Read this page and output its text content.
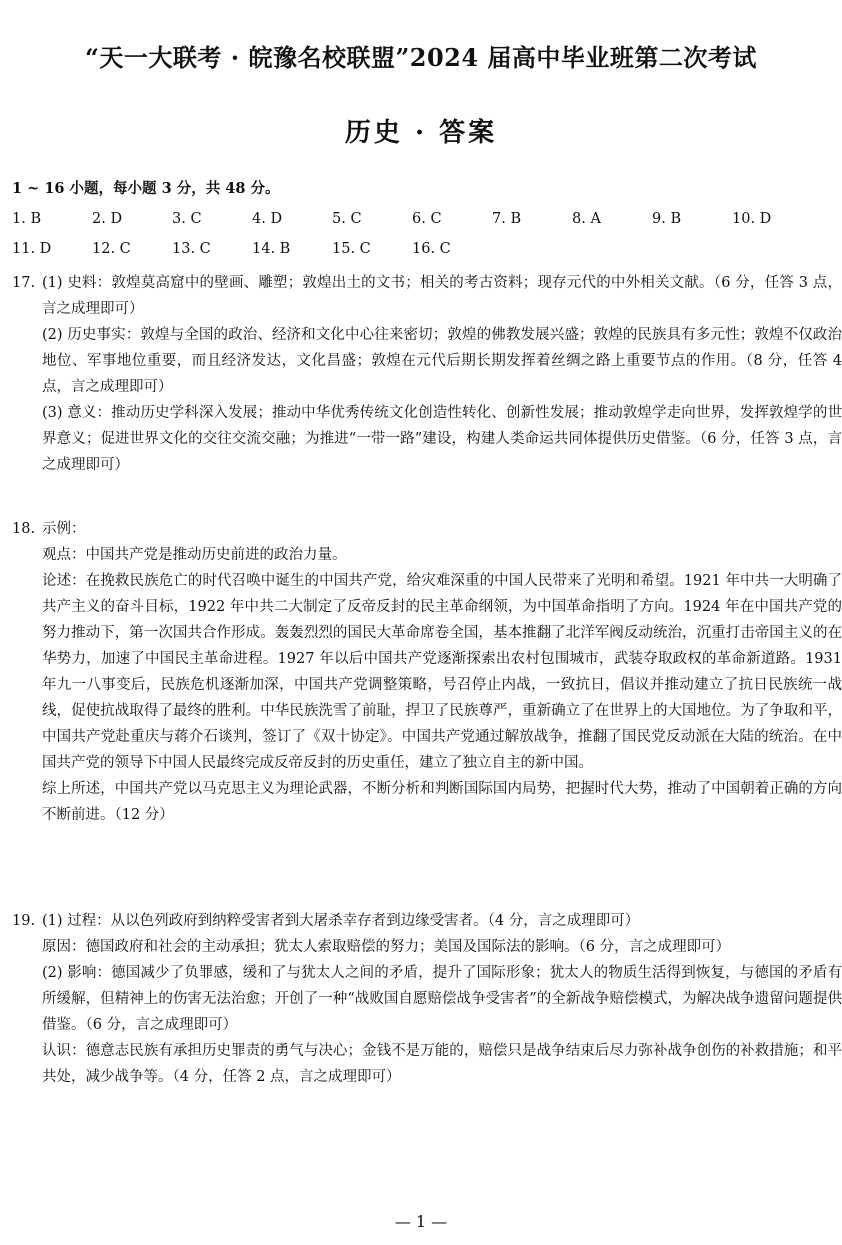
“天一大联考 · 皖豫名校联盟”2024 届高中毕业班第二次考试
历史 · 答案
1 ~ 16 小题，每小题 3 分，共 48 分。
1. B	2. D	3. C	4. D	5. C	6. C	7. B	8. A	9. B	10. D
11. D	12. C	13. C	14. B	15. C	16. C
17. (1) 史料：敦煌莫高窟中的壁画、雕塑；敦煌出土的文书；相关的考古资料；现存元代的中外相关文献。（6 分，任答 3 点，言之成理即可）

(2) 历史事实：敦煌与全国的政治、经济和文化中心往来密切；敦煌的佛教发展兴盛；敦煌的民族具有多元性；敦煌不仅政治地位、军事地位重要，而且经济发达，文化昌盛；敦煌在元代后期长期发挥着丝绸之路上重要节点的作用。（8 分，任答 4 点，言之成理即可）

(3) 意义：推动历史学科深入发展；推动中华优秀传统文化创造性转化、创新性发展；推动敦煌学走向世界，发挥敦煌学的世界意义；促进世界文化的交往交流交融；为推进“一带一路”建设，构建人类命运共同体提供历史借鉴。（6 分，任答 3 点，言之成理即可）

18. 示例：

观点：中国共产党是推动历史前进的政治力量。

论述：在挽救民族危亡的时代召唤中诞生的中国共产党，给灾难深重的中国人民带来了光明和希望。1921 年中共一大明确了共产主义的奋斗目标，1922 年中共二大制定了反帝反封的民主革命纲领，为中国革命指明了方向。1924 年在中国共产党的努力推动下，第一次国共合作形成。轰轰烈烈的国民大革命席卷全国，基本推翻了北洋军阀反动统治，沉重打击帝国主义的在华势力，加速了中国民主革命进程。1927 年以后中国共产党逐渐探索出农村包围城市，武装夺取政权的革命新道路。1931 年九一八事变后，民族危机逐渐加深，中国共产党调整策略，号召停止内战，一致抗日，倡议并推动建立了抗日民族统一战线，促使抗战取得了最终的胜利。中华民族洗雪了前耻，捍卫了民族尊严，重新确立了在世界上的大国地位。为了争取和平，中国共产党赴重庆与蒋介石谈判，签订了《双十协定》。中国共产党通过解放战争，推翻了国民党反动派在大陆的统治。在中国共产党的领导下中国人民最终完成反帝反封的历史重任，建立了独立自主的新中国。

综上所述，中国共产党以马克思主义为理论武器，不断分析和判断国际国内局势，把握时代大势，推动了中国朝着正确的方向不断前进。（12 分）

19. (1) 过程：从以色列政府到纳粹受害者到大屠杀幸存者到边缘受害者。（4 分，言之成理即可）

原因：德国政府和社会的主动承担；犹太人索取赔偿的努力；美国及国际法的影响。（6 分，言之成理即可）

(2) 影响：德国减少了负罪感，缓和了与犹太人之间的矛盾，提升了国际形象；犹太人的物质生活得到恢复，与德国的矛盾有所缓解，但精神上的伤害无法治愈；开创了一种“战败国自愿赔偿战争受害者”的全新战争赔偿模式，为解决战争遗留问题提供借鉴。（6 分，言之成理即可）

认识：德意志民族有承担历史罪责的勇气与决心；金钱不是万能的，赔偿只是战争结束后尽力弥补战争创伤的补救措施；和平共处，减少战争等。（4 分，任答 2 点，言之成理即可）

— 1 —
